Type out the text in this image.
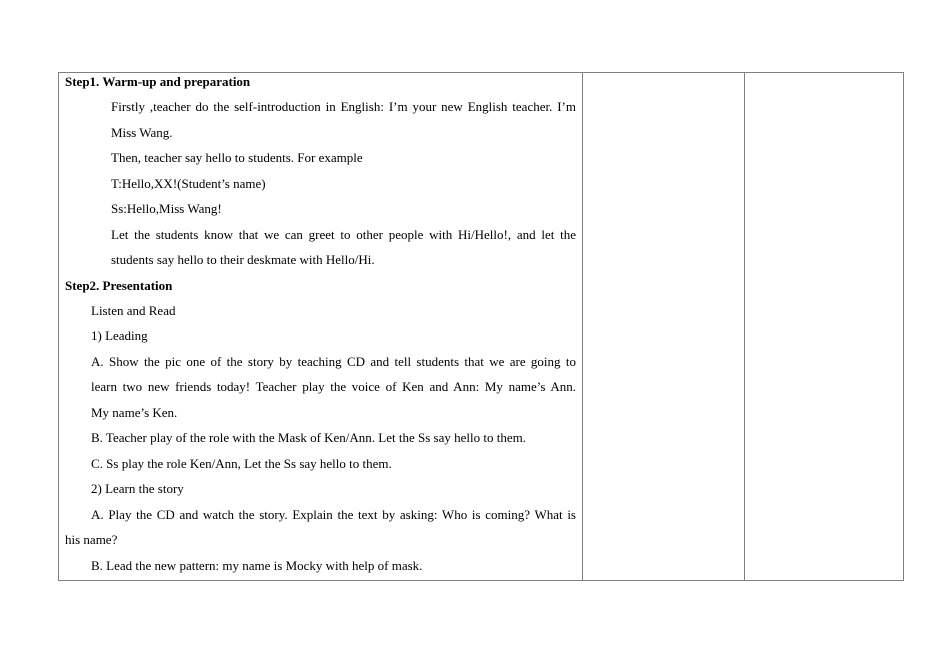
Step1. Warm-up and preparation
Firstly ,teacher do the self-introduction in English: I’m your new English teacher. I’m
Miss Wang.
Then, teacher say hello to students. For example
T:Hello,XX!(Student’s name)
Ss:Hello,Miss Wang!
Let the students know that we can greet to other people with Hi/Hello!, and let the
students say hello to their deskmate with Hello/Hi.
Step2. Presentation
Listen and Read
1) Leading
A. Show the pic one of the story by teaching CD and tell students that we are going to
learn two new friends today! Teacher play the voice of Ken and Ann: My name’s Ann.
My name’s Ken.
B. Teacher play of the role with the Mask of Ken/Ann. Let the Ss say hello to them.
C. Ss play the role Ken/Ann, Let the Ss say hello to them.
2) Learn the story
A. Play the CD and watch the story. Explain the text by asking: Who is coming? What is
his name?
B. Lead the new pattern: my name is Mocky with help of mask.
